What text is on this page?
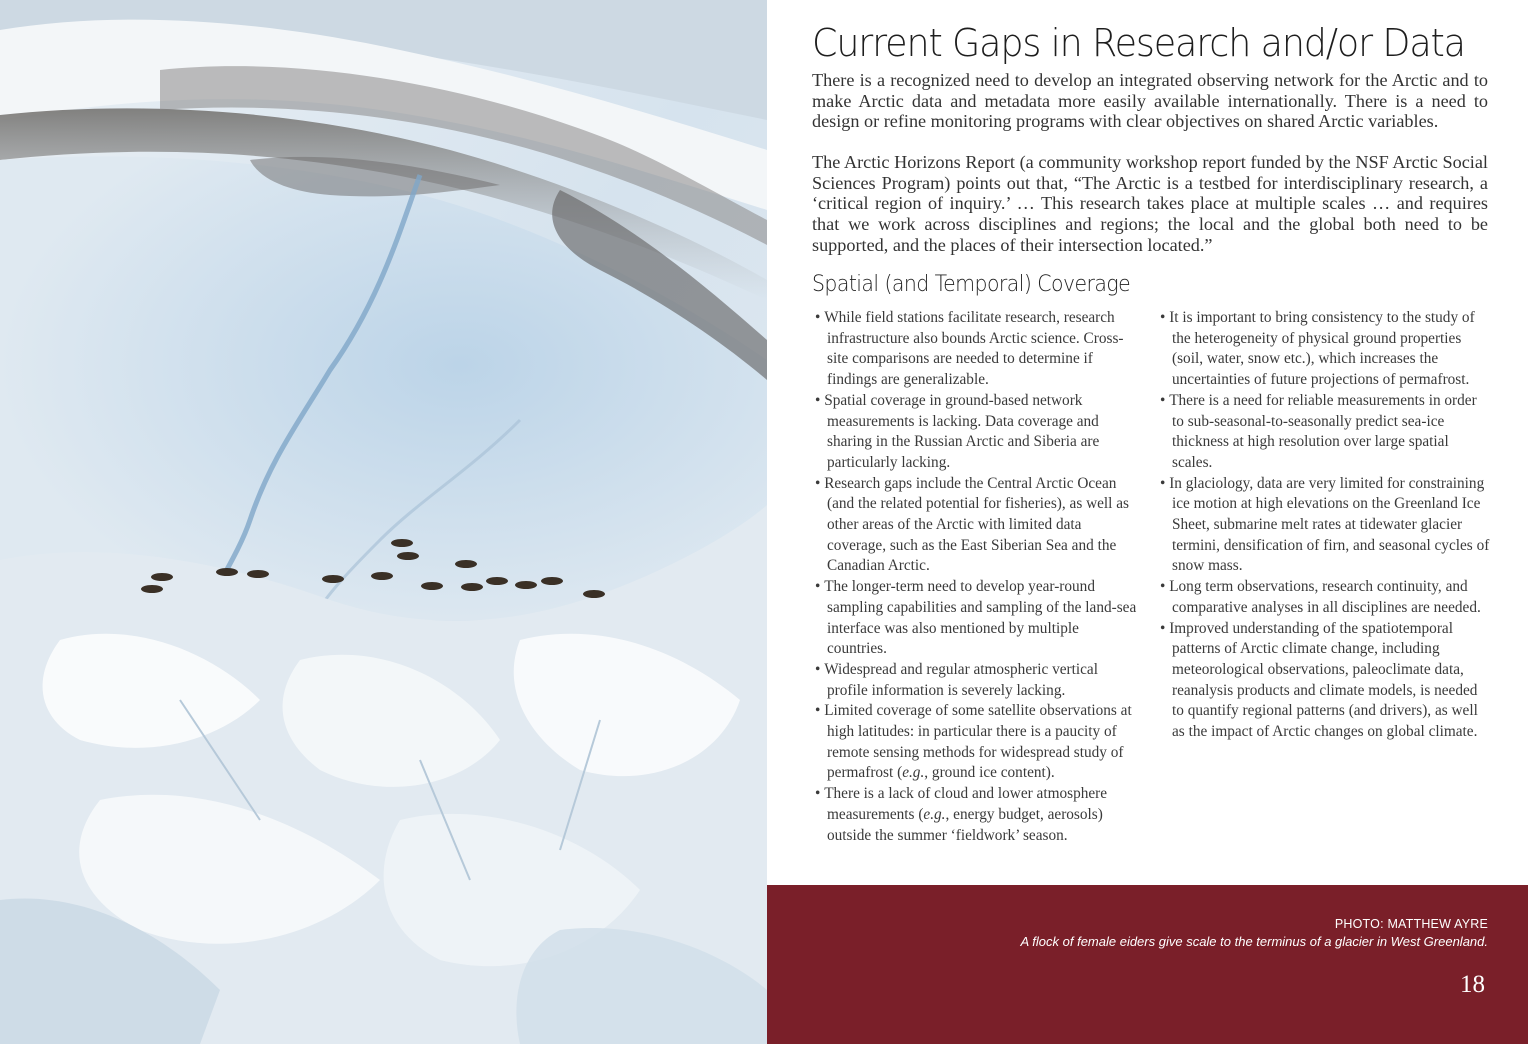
Current Gaps in Research and/or Data

There is a recognized need to develop an integrated observing network for the Arctic and to make Arctic data and metadata more easily available internationally. There is a need to design or refine monitoring programs with clear objectives on shared Arctic variables.

The Arctic Horizons Report (a community workshop report funded by the NSF Arctic Social Sciences Program) points out that, “The Arctic is a testbed for interdisciplinary research, a ‘critical region of inquiry.’ … This research takes place at multiple scales … and requires that we work across disciplines and regions; the local and the global both need to be supported, and the places of their intersection located.”

Spatial (and Temporal) Coverage
• While field stations facilitate research, research infrastructure also bounds Arctic science. Cross-site comparisons are needed to determine if findings are generalizable.
• Spatial coverage in ground-based network measurements is lacking. Data coverage and sharing in the Russian Arctic and Siberia are particularly lacking.
• Research gaps include the Central Arctic Ocean (and the related potential for fisheries), as well as other areas of the Arctic with limited data coverage, such as the East Siberian Sea and the Canadian Arctic.
• The longer-term need to develop year-round sampling capabilities and sampling of the land-sea interface was also mentioned by multiple countries.
• Widespread and regular atmospheric vertical profile information is severely lacking.
• Limited coverage of some satellite observations at high latitudes: in particular there is a paucity of remote sensing methods for widespread study of permafrost (e.g., ground ice content).
• There is a lack of cloud and lower atmosphere measurements (e.g., energy budget, aerosols) outside the summer ‘fieldwork’ season.
• It is important to bring consistency to the study of the heterogeneity of physical ground properties (soil, water, snow etc.), which increases the uncertainties of future projections of permafrost.
• There is a need for reliable measurements in order to sub-seasonal-to-seasonally predict sea-ice thickness at high resolution over large spatial scales.
• In glaciology, data are very limited for constraining ice motion at high elevations on the Greenland Ice Sheet, submarine melt rates at tidewater glacier termini, densification of firn, and seasonal cycles of snow mass.
• Long term observations, research continuity, and comparative analyses in all disciplines are needed.
• Improved understanding of the spatiotemporal patterns of Arctic climate change, including meteorological observations, paleoclimate data, reanalysis products and climate models, is needed to quantify regional patterns (and drivers), as well as the impact of Arctic changes on global climate.
PHOTO: MATTHEW AYRE
A flock of female eiders give scale to the terminus of a glacier in West Greenland.
18
